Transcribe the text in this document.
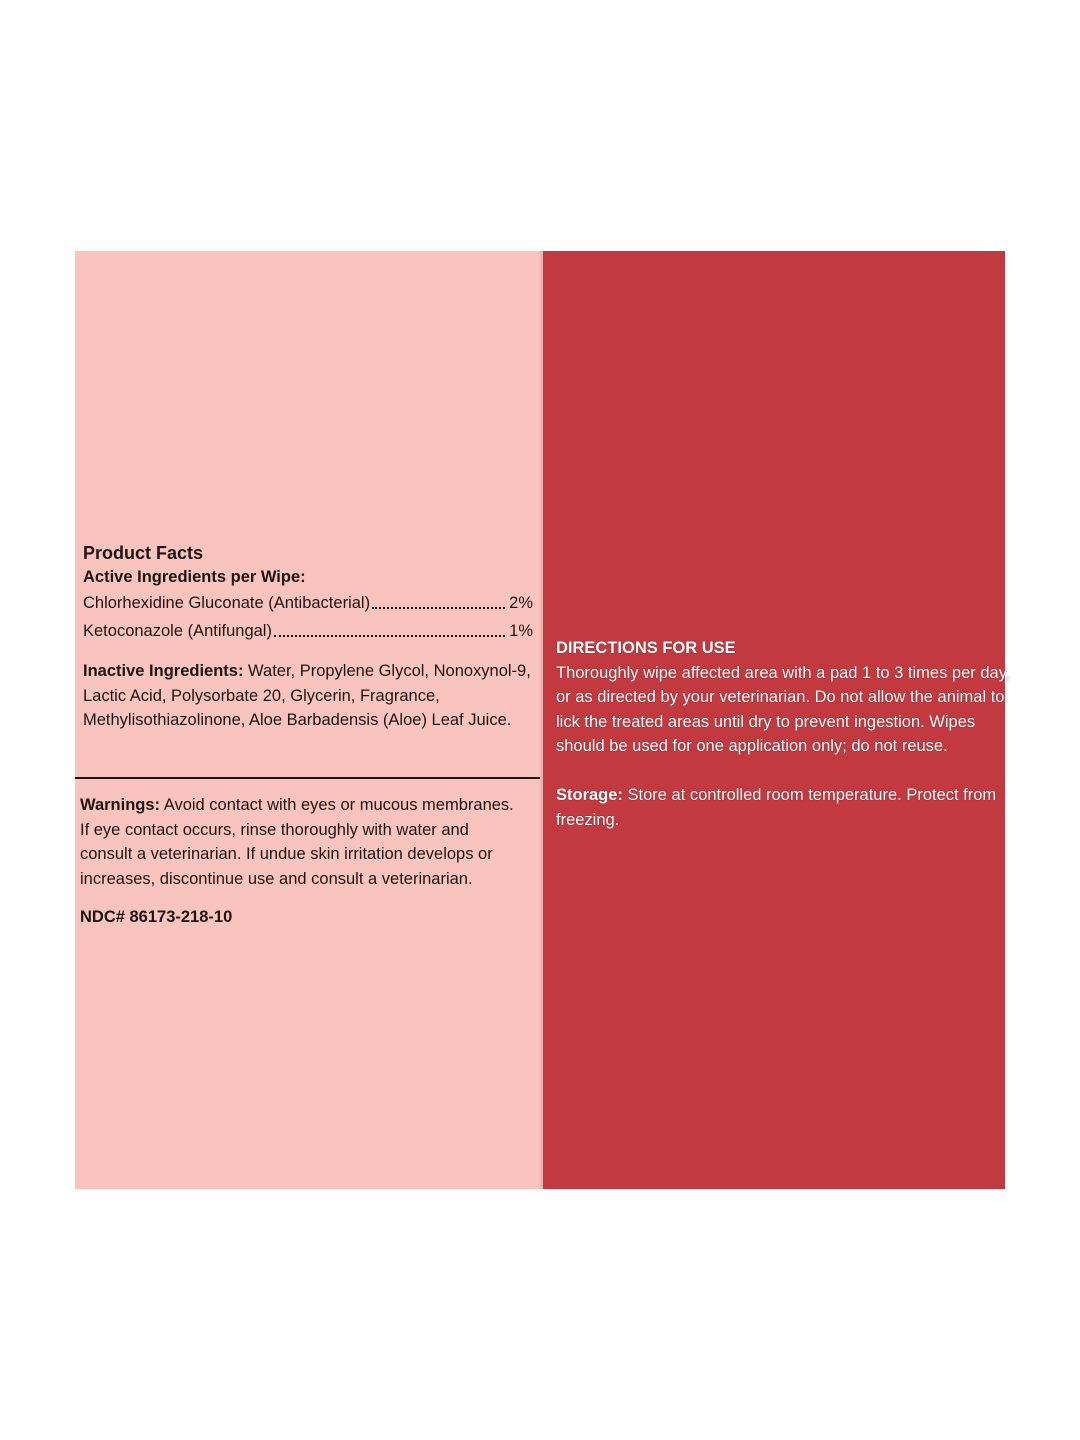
Product Facts
Active Ingredients per Wipe:
Chlorhexidine Gluconate (Antibacterial)	2%
Ketoconazole (Antifungal)	1%
Inactive Ingredients: Water, Propylene Glycol, Nonoxynol-9, Lactic Acid, Polysorbate 20, Glycerin, Fragrance, Methylisothiazolinone, Aloe Barbadensis (Aloe) Leaf Juice.
Warnings: Avoid contact with eyes or mucous membranes. If eye contact occurs, rinse thoroughly with water and consult a veterinarian. If undue skin irritation develops or increases, discontinue use and consult a veterinarian.
NDC# 86173-218-10
DIRECTIONS FOR USE
Thoroughly wipe affected area with a pad 1 to 3 times per day, or as directed by your veterinarian. Do not allow the animal to lick the treated areas until dry to prevent ingestion. Wipes should be used for one application only; do not reuse.
Storage: Store at controlled room temperature. Protect from freezing.
